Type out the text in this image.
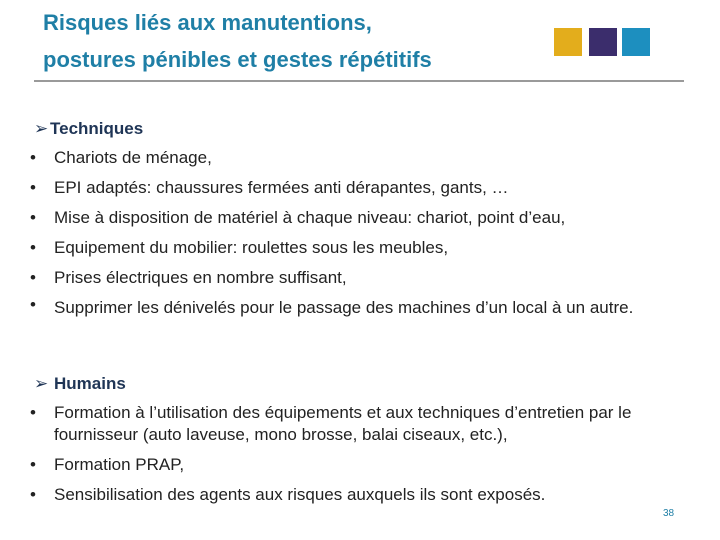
Risques liés aux manutentions,
postures pénibles et gestes répétitifs
➢ Techniques
• Chariots de ménage,
• EPI adaptés: chaussures fermées anti dérapantes, gants, …
• Mise à disposition de matériel à chaque niveau: chariot, point d’eau,
• Equipement du mobilier: roulettes sous les meubles,
• Prises électriques en nombre suffisant,
• Supprimer les dénivelés pour le passage des machines d’un local à un autre.
➢ Humains
• Formation à l’utilisation des équipements et aux techniques d’entretien par le fournisseur (auto laveuse, mono brosse, balai ciseaux, etc.),
• Formation PRAP,
• Sensibilisation des agents aux risques auxquels ils sont exposés.
38
